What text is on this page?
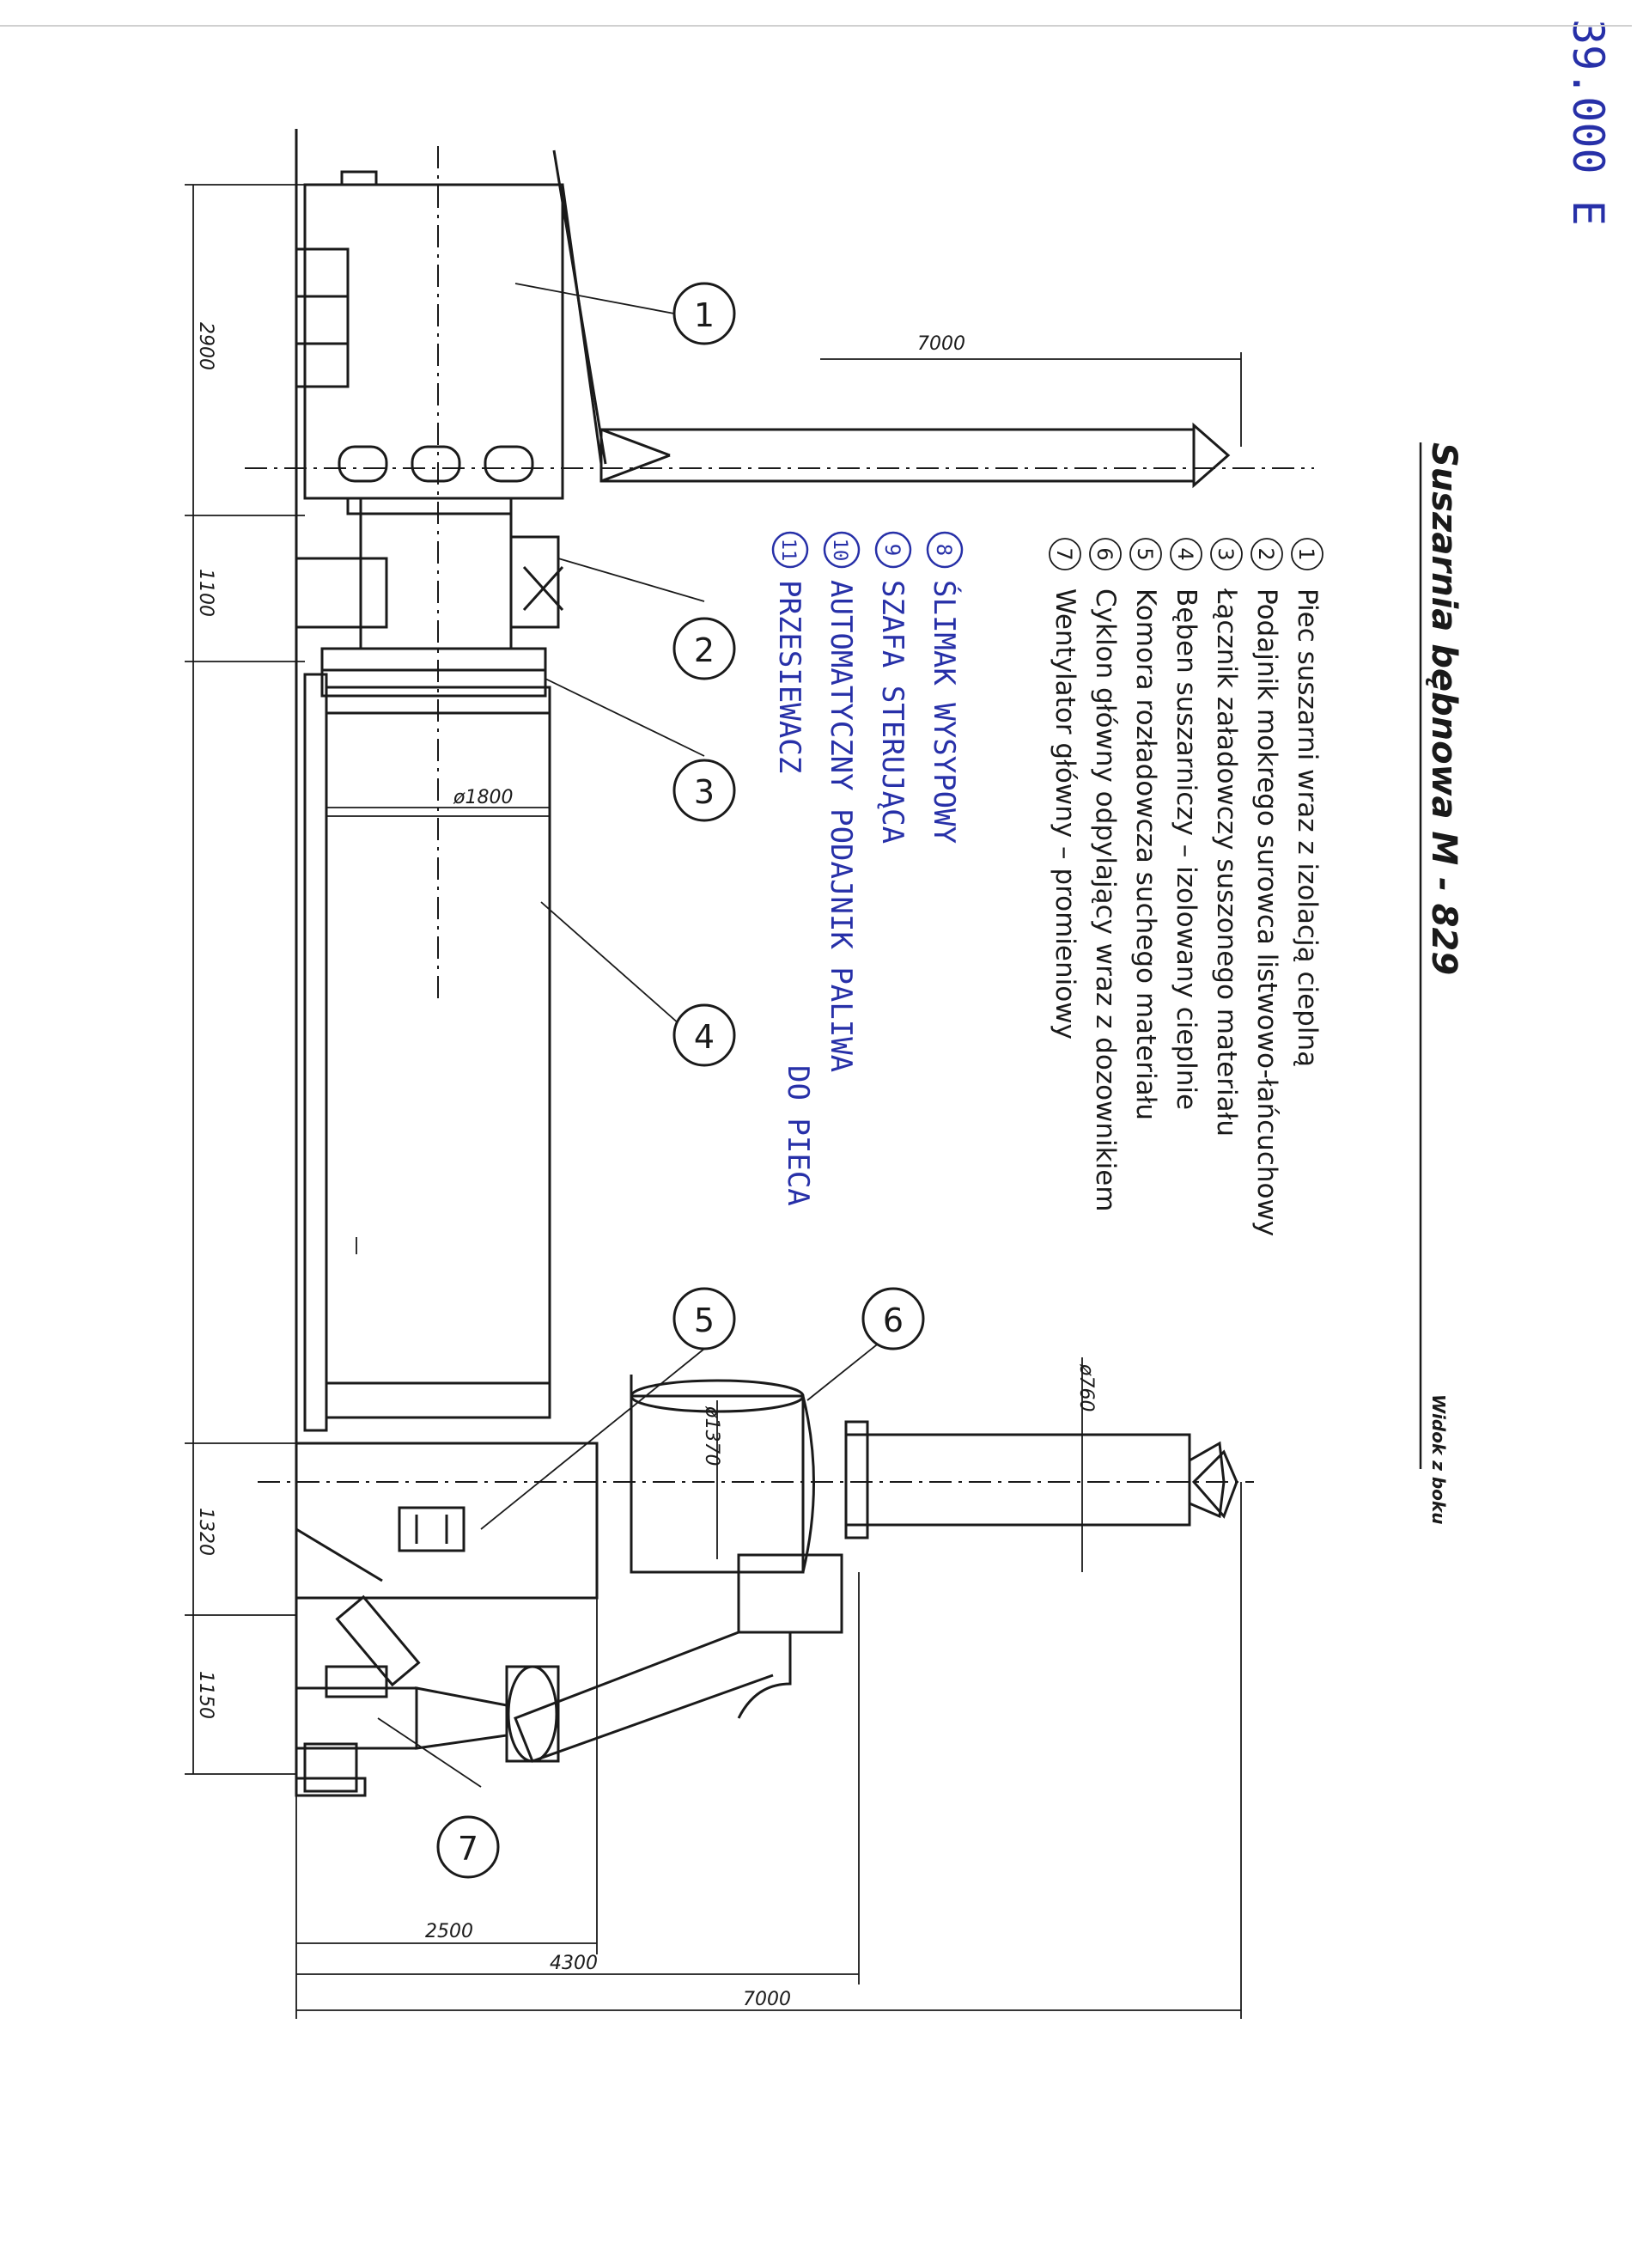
39.000 E
Suszarnia bębnowa M - 829
Widok z boku
1
Piec suszarni wraz z izolacją cieplną
2
Podajnik mokrego surowca listwowo-łańcuchowy
3
Łącznik załadowczy suszonego materiału
4
Bęben suszarniczy – izolowany cieplnie
5
Komora rozładowcza suchego materiału
6
Cyklon główny odpylający wraz z dozownikiem
7
Wentylator główny – promieniowy
8
ŚLIMAK WYSYPOWY
9
SZAFA STERUJĄCA
10
AUTOMATYCZNY PODAJNIK PALIWA
DO PIECA
11
PRZESIEWACZ
7000
ø1800
ø1370
ø760
1
2
3
4
5	6
7
2900
1100
1320
1150
2500
4300
7000
